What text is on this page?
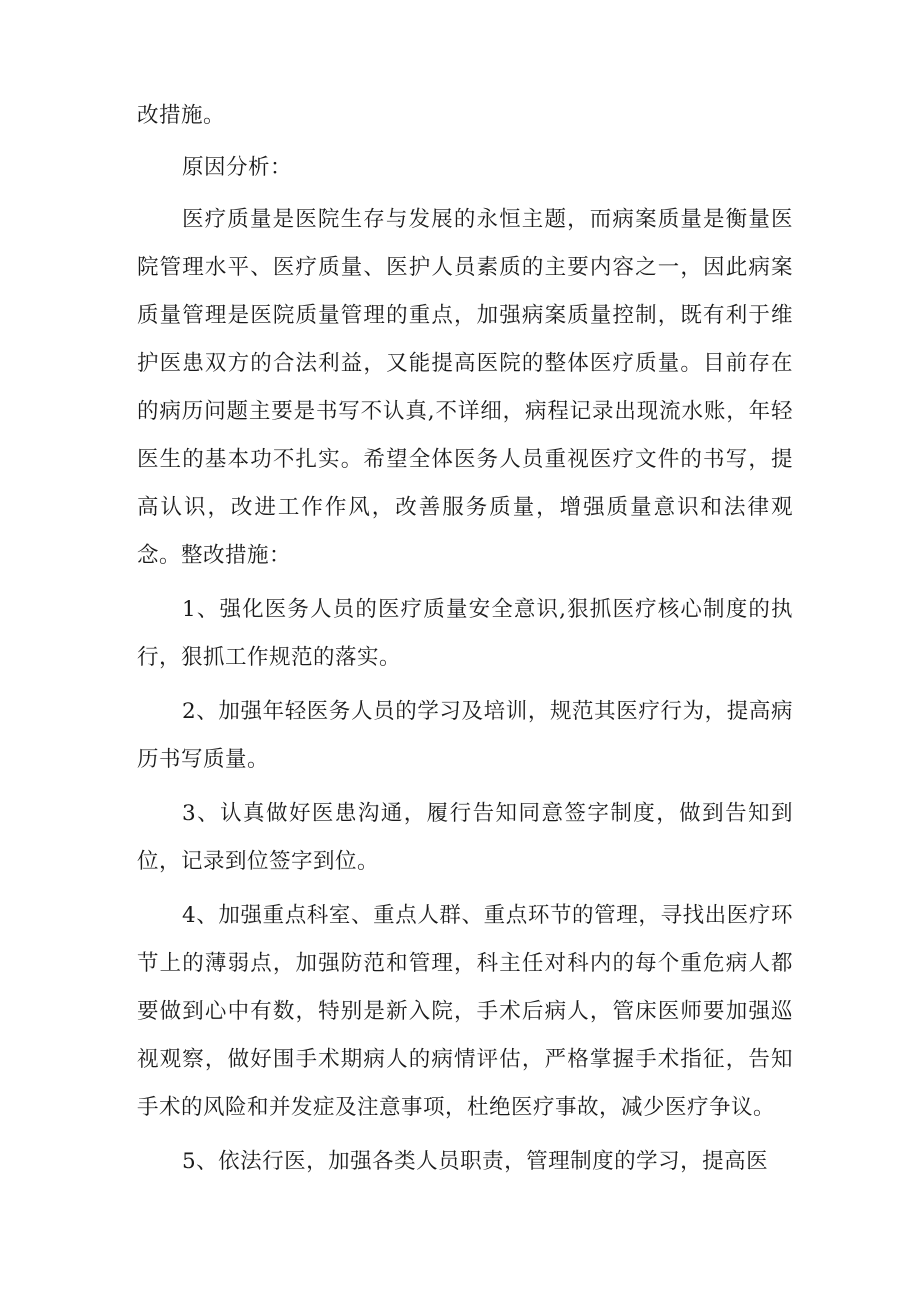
改措施。

原因分析：

医疗质量是医院生存与发展的永恒主题，而病案质量是衡量医院管理水平、医疗质量、医护人员素质的主要内容之一，因此病案质量管理是医院质量管理的重点，加强病案质量控制，既有利于维护医患双方的合法利益，又能提高医院的整体医疗质量。目前存在的病历问题主要是书写不认真,不详细，病程记录出现流水账，年轻医生的基本功不扎实。希望全体医务人员重视医疗文件的书写，提高认识，改进工作作风，改善服务质量，增强质量意识和法律观念。整改措施：

1、强化医务人员的医疗质量安全意识,狠抓医疗核心制度的执行，狠抓工作规范的落实。

2、加强年轻医务人员的学习及培训，规范其医疗行为，提高病历书写质量。

3、认真做好医患沟通，履行告知同意签字制度，做到告知到位，记录到位签字到位。

4、加强重点科室、重点人群、重点环节的管理，寻找出医疗环节上的薄弱点，加强防范和管理，科主任对科内的每个重危病人都要做到心中有数，特别是新入院，手术后病人，管床医师要加强巡视观察，做好围手术期病人的病情评估，严格掌握手术指征，告知手术的风险和并发症及注意事项，杜绝医疗事故，减少医疗争议。

5、依法行医，加强各类人员职责，管理制度的学习，提高医
